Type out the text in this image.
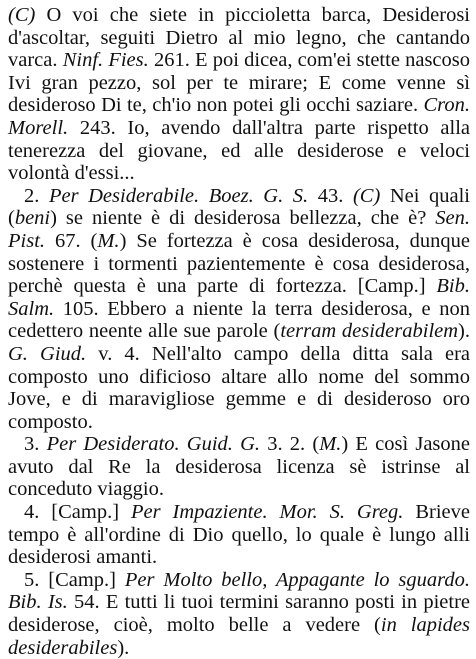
(C) O voi che siete in piccioletta barca, Desiderosi d'ascoltar, seguiti Dietro al mio legno, che cantando varca. Ninf. Fies. 261. E poi dicea, com'ei stette nascoso Ivi gran pezzo, sol per te mirare; E come venne sì desideroso Di te, ch'io non potei gli occhi saziare. Cron. Morell. 243. Io, avendo dall'altra parte rispetto alla tenerezza del giovane, ed alle desiderose e veloci volontà d'essi...

2. Per Desiderabile. Boez. G. S. 43. (C) Nei quali (beni) se niente è di desiderosa bellezza, che è? Sen. Pist. 67. (M.) Se fortezza è cosa desiderosa, dunque sostenere i tormenti pazientemente è cosa desiderosa, perchè questa è una parte di fortezza. [Camp.] Bib. Salm. 105. Ebbero a niente la terra desiderosa, e non cedettero neente alle sue parole (terram desiderabilem). G. Giud. v. 4. Nell'alto campo della ditta sala era composto uno dificioso altare allo nome del sommo Jove, e di maravigliose gemme e di desideroso oro composto.

3. Per Desiderato. Guid. G. 3. 2. (M.) E così Jasone avuto dal Re la desiderosa licenza sè istrinse al conceduto viaggio.

4. [Camp.] Per Impaziente. Mor. S. Greg. Brieve tempo è all'ordine di Dio quello, lo quale è lungo alli desiderosi amanti.

5. [Camp.] Per Molto bello, Appagante lo sguardo. Bib. Is. 54. E tutti li tuoi termini saranno posti in pietre desiderose, cioè, molto belle a vedere (in lapides desiderabiles).
